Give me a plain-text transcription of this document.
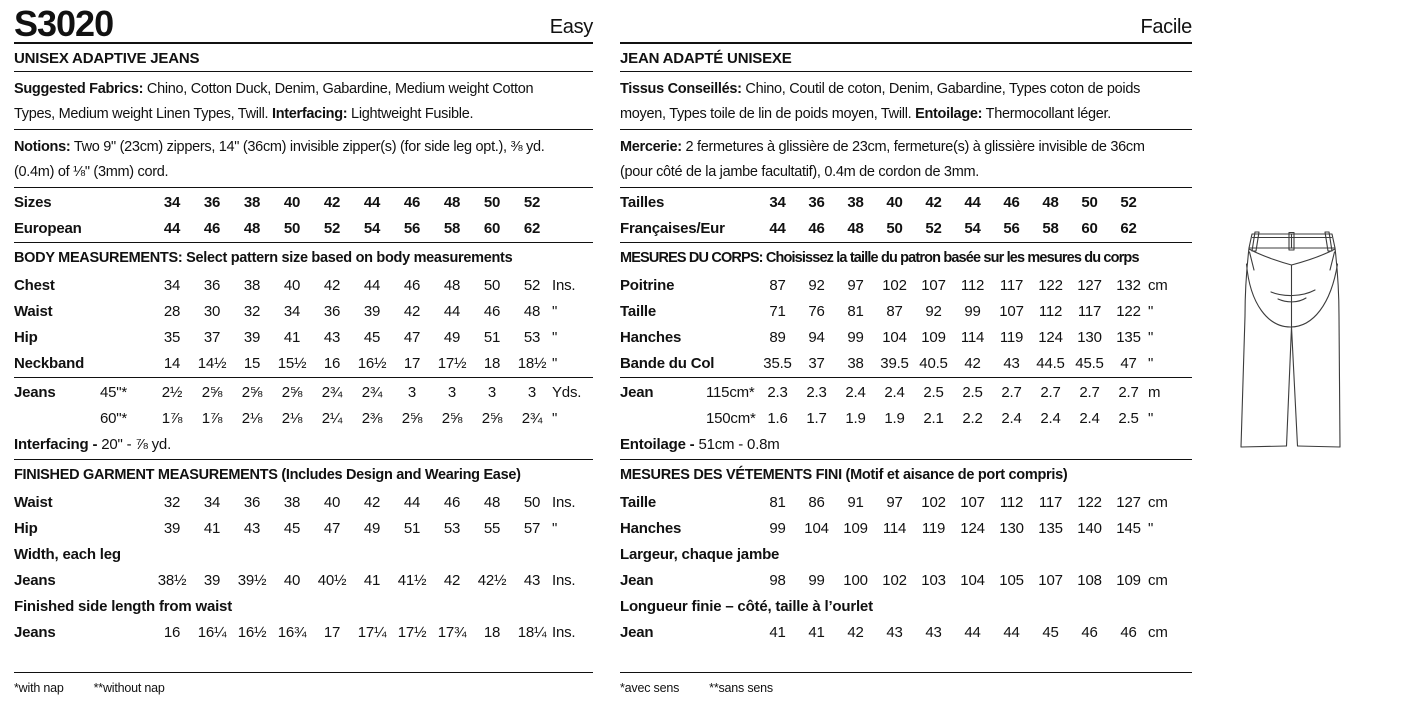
S3020	Easy
UNISEX ADAPTIVE JEANS
Suggested Fabrics: Chino, Cotton Duck, Denim, Gabardine, Medium weight Cotton
Types, Medium weight Linen Types, Twill. Interfacing: Lightweight Fusible.
Notions: Two 9" (23cm) zippers, 14" (36cm) invisible zipper(s) (for side leg opt.), ⅜ yd.
(0.4m) of ⅛" (3mm) cord.
Sizes	34	36	38	40	42	44	46	48	50	52	
European	44	46	48	50	52	54	56	58	60	62	
BODY MEASUREMENTS: Select pattern size based on body measurements
Chest	34	36	38	40	42	44	46	48	50	52	Ins.
Waist	28	30	32	34	36	39	42	44	46	48	"
Hip	35	37	39	41	43	45	47	49	51	53	"
Neckband	14	14½	15	15½	16	16½	17	17½	18	18½	"
Jeans	45"*	2½	2⅝	2⅝	2⅝	2¾	2¾	3	3	3	3	Yds.
	60"*	1⅞	1⅞	2⅛	2⅛	2¼	2⅜	2⅝	2⅝	2⅝	2¾	"
Interfacing - 20" - ⅞ yd.
FINISHED GARMENT MEASUREMENTS (Includes Design and Wearing Ease)
Waist	32	34	36	38	40	42	44	46	48	50	Ins.
Hip	39	41	43	45	47	49	51	53	55	57	"
Width, each leg											
Jeans	38½	39	39½	40	40½	41	41½	42	42½	43	Ins.
Finished side length from waist											
Jeans	16	16¼	16½	16¾	17	17¼	17½	17¾	18	18¼	Ins.
*with nap **without nap
Facile
JEAN ADAPTÉ UNISEXE
Tissus Conseillés: Chino, Coutil de coton, Denim, Gabardine, Types coton de poids
moyen, Types toile de lin de poids moyen, Twill. Entoilage: Thermocollant léger.
Mercerie: 2 fermetures à glissière de 23cm, fermeture(s) à glissière invisible de 36cm
(pour côté de la jambe facultatif), 0.4m de cordon de 3mm.
Tailles	34	36	38	40	42	44	46	48	50	52	
Françaises/Eur	44	46	48	50	52	54	56	58	60	62	
MESURES DU CORPS: Choisissez la taille du patron basée sur les mesures du corps
Poitrine	87	92	97	102	107	112	117	122	127	132	cm
Taille	71	76	81	87	92	99	107	112	117	122	"
Hanches	89	94	99	104	109	114	119	124	130	135	"
Bande du Col	35.5	37	38	39.5	40.5	42	43	44.5	45.5	47	"
Jean	115cm*	2.3	2.3	2.4	2.4	2.5	2.5	2.7	2.7	2.7	2.7	m
	150cm*	1.6	1.7	1.9	1.9	2.1	2.2	2.4	2.4	2.4	2.5	"
Entoilage - 51cm - 0.8m
MESURES DES VÉTEMENTS FINI (Motif et aisance de port compris)
Taille	81	86	91	97	102	107	112	117	122	127	cm
Hanches	99	104	109	114	119	124	130	135	140	145	"
Largeur, chaque jambe											
Jean	98	99	100	102	103	104	105	107	108	109	cm
Longueur finie – côté, taille à l’ourlet											
Jean	41	41	42	43	43	44	44	45	46	46	cm
*avec sens **sans sens
